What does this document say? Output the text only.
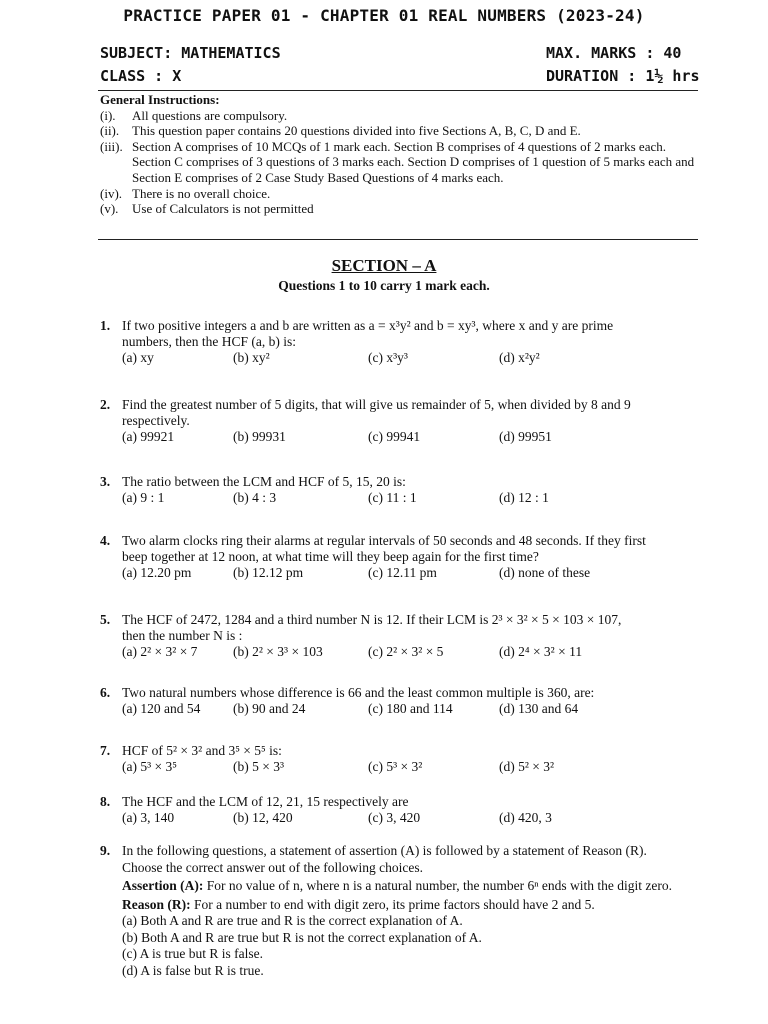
PRACTICE PAPER 01 - CHAPTER 01 REAL NUMBERS (2023-24)
SUBJECT: MATHEMATICS	MAX. MARKS : 40
CLASS : X	DURATION : 1½ hrs
General Instructions:
(i).	All questions are compulsory.
(ii). This question paper contains 20 questions divided into five Sections A, B, C, D and E.
(iii). Section A comprises of 10 MCQs of 1 mark each. Section B comprises of 4 questions of 2 marks each. Section C comprises of 3 questions of 3 marks each. Section D comprises of 1 question of 5 marks each and Section E comprises of 2 Case Study Based Questions of 4 marks each.
(iv). There is no overall choice.
(v).	Use of Calculators is not permitted
SECTION – A
Questions 1 to 10 carry 1 mark each.
1. If two positive integers a and b are written as a = x³y² and b = xy³, where x and y are prime
numbers, then the HCF (a, b) is:
(a) xy	(b) xy²	(c) x³y³	(d) x²y²
2. Find the greatest number of 5 digits, that will give us remainder of 5, when divided by 8 and 9
respectively.
(a) 99921	(b) 99931	(c) 99941	(d) 99951
3. The ratio between the LCM and HCF of 5, 15, 20 is:
(a) 9 : 1	(b) 4 : 3	(c) 11 : 1	(d) 12 : 1
4. Two alarm clocks ring their alarms at regular intervals of 50 seconds and 48 seconds. If they first
beep together at 12 noon, at what time will they beep again for the first time?
(a) 12.20 pm	(b) 12.12 pm	(c) 12.11 pm	(d) none of these
5. The HCF of 2472, 1284 and a third number N is 12. If their LCM is 2³ × 3² × 5 × 103 × 107,
then the number N is :
(a) 2² × 3² × 7	(b) 2² × 3³ × 103	(c) 2² × 3² × 5	(d) 2⁴ × 3² × 11
6. Two natural numbers whose difference is 66 and the least common multiple is 360, are:
(a) 120 and 54 (b) 90 and 24	(c) 180 and 114	(d) 130 and 64
7. HCF of 5² × 3² and 3⁵ × 5⁵ is:
(a) 5³ × 3⁵	(b) 5 × 3³	(c) 5³ × 3²	(d) 5² × 3²
8. The HCF and the LCM of 12, 21, 15 respectively are
(a) 3, 140	(b) 12, 420	(c) 3, 420	(d) 420, 3
9. In the following questions, a statement of assertion (A) is followed by a statement of Reason (R).
Choose the correct answer out of the following choices.
Assertion (A): For no value of n, where n is a natural number, the number 6ⁿ ends with the digit zero.
Reason (R): For a number to end with digit zero, its prime factors should have 2 and 5.
(a) Both A and R are true and R is the correct explanation of A.
(b) Both A and R are true but R is not the correct explanation of A.
(c) A is true but R is false.
(d) A is false but R is true.
